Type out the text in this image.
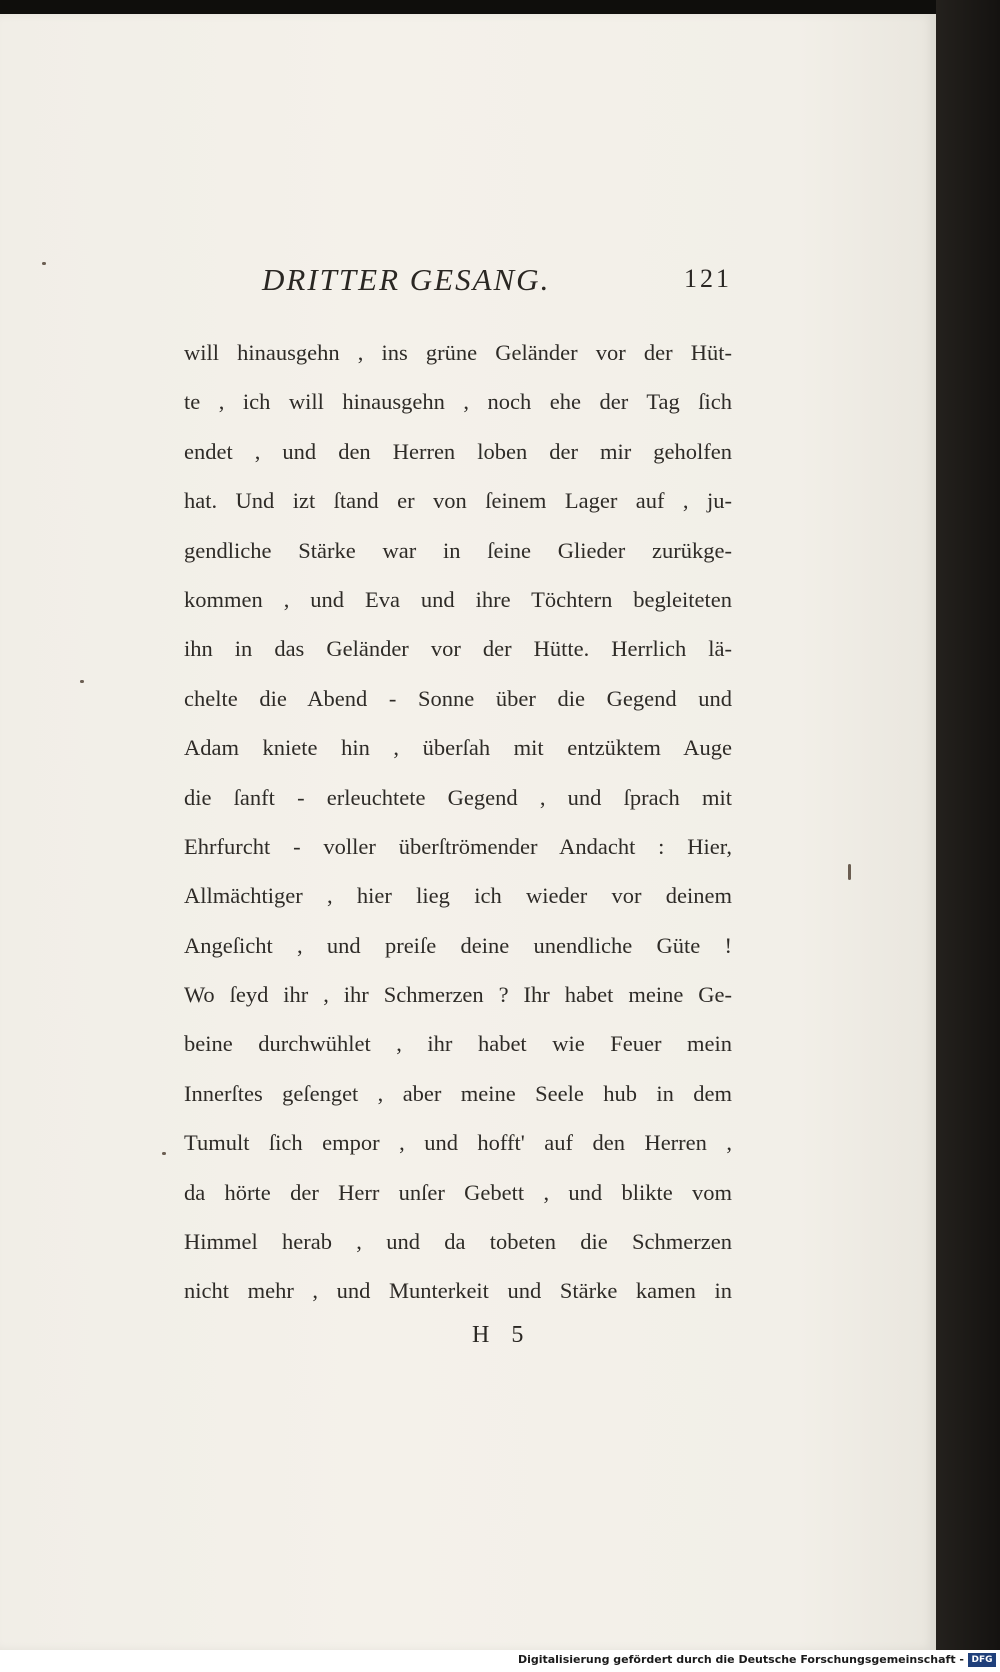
DRITTER GESANG.	121
will hinausgehn , ins grüne Geländer vor der Hüt-
te , ich will hinausgehn , noch ehe der Tag ſich
endet , und den Herren loben der mir geholfen
hat. Und izt ſtand er von ſeinem Lager auf , ju-
gendliche Stärke war in ſeine Glieder zurükge-
kommen , und Eva und ihre Töchtern begleiteten
ihn in das Geländer vor der Hütte. Herrlich lä-
chelte die Abend - Sonne über die Gegend und
Adam kniete hin , überſah mit entzüktem Auge
die ſanft - erleuchtete Gegend , und ſprach mit
Ehrfurcht - voller überſtrömender Andacht : Hier,
Allmächtiger , hier lieg ich wieder vor deinem
Angeſicht , und preiſe deine unendliche Güte !
Wo ſeyd ihr , ihr Schmerzen ? Ihr habet meine Ge-
beine durchwühlet , ihr habet wie Feuer mein
Innerſtes geſenget , aber meine Seele hub in dem
Tumult ſich empor , und hofft' auf den Herren ,
da hörte der Herr unſer Gebett , und blikte vom
Himmel herab , und da tobeten die Schmerzen
nicht mehr , und Munterkeit und Stärke kamen in
H 5
Digitalisierung gefördert durch die Deutsche Forschungsgemeinschaft - DFG
